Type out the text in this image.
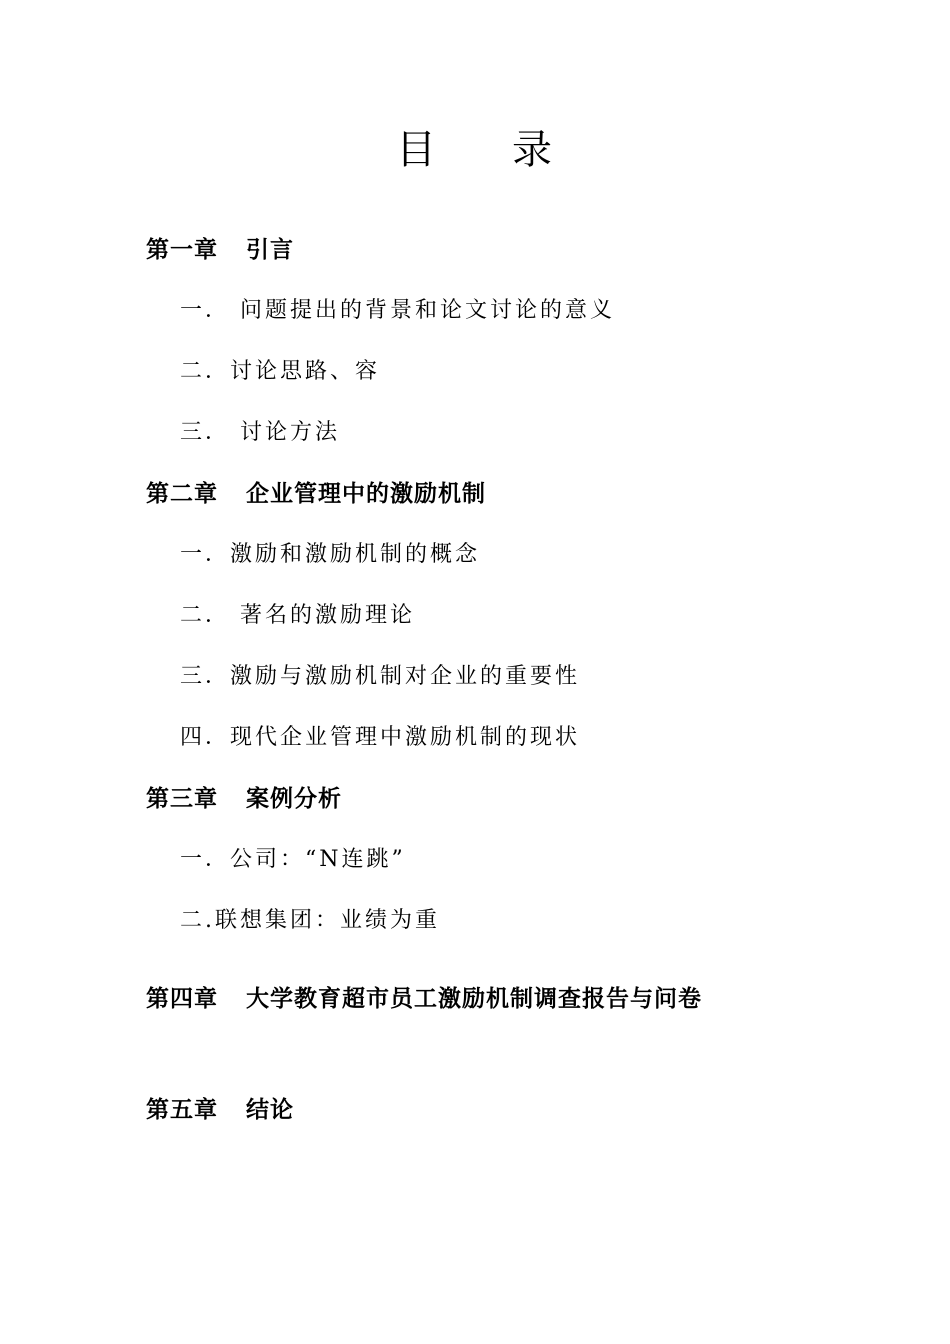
目 录
第一章 引言
一． 问题提出的背景和论文讨论的意义
二．讨论思路、容
三． 讨论方法
第二章 企业管理中的激励机制
一．激励和激励机制的概念
二． 著名的激励理论
三．激励与激励机制对企业的重要性
四．现代企业管理中激励机制的现状
第三章 案例分析
一．公司：“N连跳”
二.联想集团：业绩为重
第四章 大学教育超市员工激励机制调查报告与问卷
第五章 结论
